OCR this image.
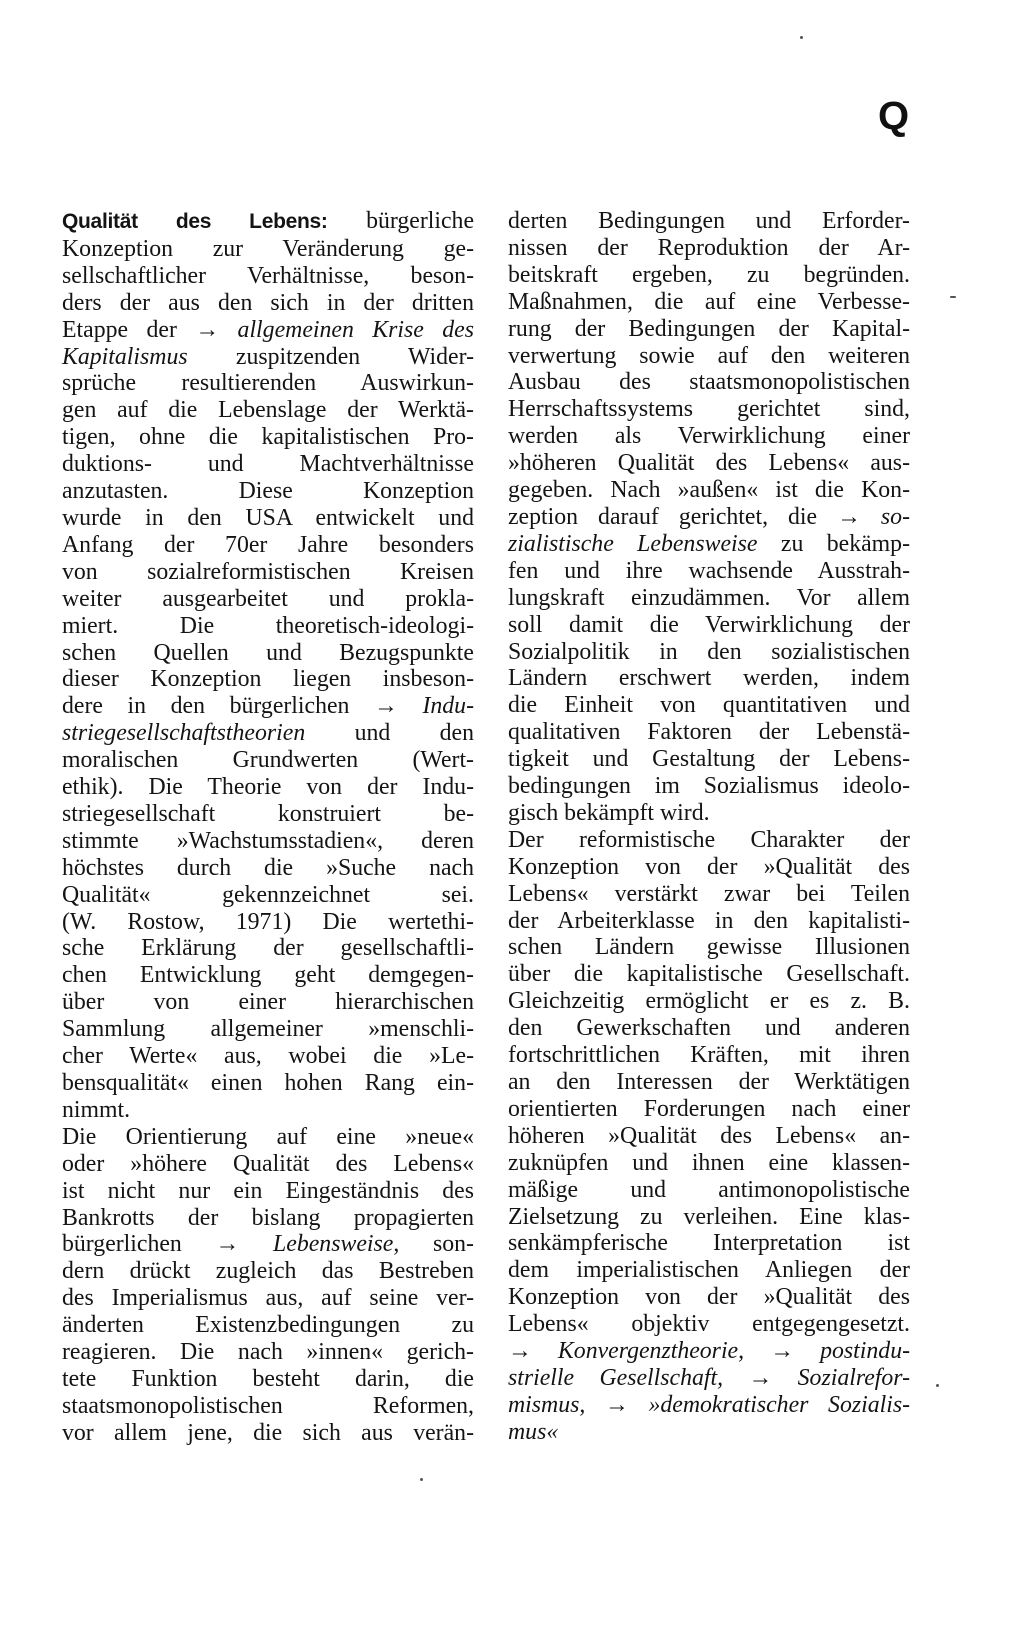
Q

Qualität des Lebens: bürgerliche
Konzeption zur Veränderung ge-
sellschaftlicher Verhältnisse, beson-
ders der aus den sich in der dritten
Etappe der → allgemeinen Krise des
Kapitalismus zuspitzenden Wider-
sprüche resultierenden Auswirkun-
gen auf die Lebenslage der Werktä-
tigen, ohne die kapitalistischen Pro-
duktions- und Machtverhältnisse
anzutasten. Diese Konzeption
wurde in den USA entwickelt und
Anfang der 70er Jahre besonders
von sozialreformistischen Kreisen
weiter ausgearbeitet und prokla-
miert. Die theoretisch-ideologi-
schen Quellen und Bezugspunkte
dieser Konzeption liegen insbeson-
dere in den bürgerlichen → Indu-
striegesellschaftstheorien und den
moralischen Grundwerten (Wert-
ethik). Die Theorie von der Indu-
striegesellschaft konstruiert be-
stimmte »Wachstumsstadien«, deren
höchstes durch die »Suche nach
Qualität« gekennzeichnet sei.
(W. Rostow, 1971) Die wertethi-
sche Erklärung der gesellschaftli-
chen Entwicklung geht demgegen-
über von einer hierarchischen
Sammlung allgemeiner »menschli-
cher Werte« aus, wobei die »Le-
bensqualität« einen hohen Rang ein-
nimmt.

Die Orientierung auf eine »neue«
oder »höhere Qualität des Lebens«
ist nicht nur ein Eingeständnis des
Bankrotts der bislang propagierten
bürgerlichen → Lebensweise, son-
dern drückt zugleich das Bestreben
des Imperialismus aus, auf seine ver-
änderten Existenzbedingungen zu
reagieren. Die nach »innen« gerich-
tete Funktion besteht darin, die
staatsmonopolistischen Reformen,
vor allem jene, die sich aus verän-

derten Bedingungen und Erforder-
nissen der Reproduktion der Ar-
beitskraft ergeben, zu begründen.
Maßnahmen, die auf eine Verbesse-
rung der Bedingungen der Kapital-
verwertung sowie auf den weiteren
Ausbau des staatsmonopolistischen
Herrschaftssystems gerichtet sind,
werden als Verwirklichung einer
»höheren Qualität des Lebens« aus-
gegeben. Nach »außen« ist die Kon-
zeption darauf gerichtet, die → so-
zialistische Lebensweise zu bekämp-
fen und ihre wachsende Ausstrah-
lungskraft einzudämmen. Vor allem
soll damit die Verwirklichung der
Sozialpolitik in den sozialistischen
Ländern erschwert werden, indem
die Einheit von quantitativen und
qualitativen Faktoren der Lebenstä-
tigkeit und Gestaltung der Lebens-
bedingungen im Sozialismus ideolo-
gisch bekämpft wird.

Der reformistische Charakter der
Konzeption von der »Qualität des
Lebens« verstärkt zwar bei Teilen
der Arbeiterklasse in den kapitalisti-
schen Ländern gewisse Illusionen
über die kapitalistische Gesellschaft.
Gleichzeitig ermöglicht er es z. B.
den Gewerkschaften und anderen
fortschrittlichen Kräften, mit ihren
an den Interessen der Werktätigen
orientierten Forderungen nach einer
höheren »Qualität des Lebens« an-
zuknüpfen und ihnen eine klassen-
mäßige und antimonopolistische
Zielsetzung zu verleihen. Eine klas-
senkämpferische Interpretation ist
dem imperialistischen Anliegen der
Konzeption von der »Qualität des
Lebens« objektiv entgegengesetzt.
→ Konvergenztheorie, → postindu-
strielle Gesellschaft, → Sozialrefor-
mismus, → »demokratischer Sozialis-
mus«
